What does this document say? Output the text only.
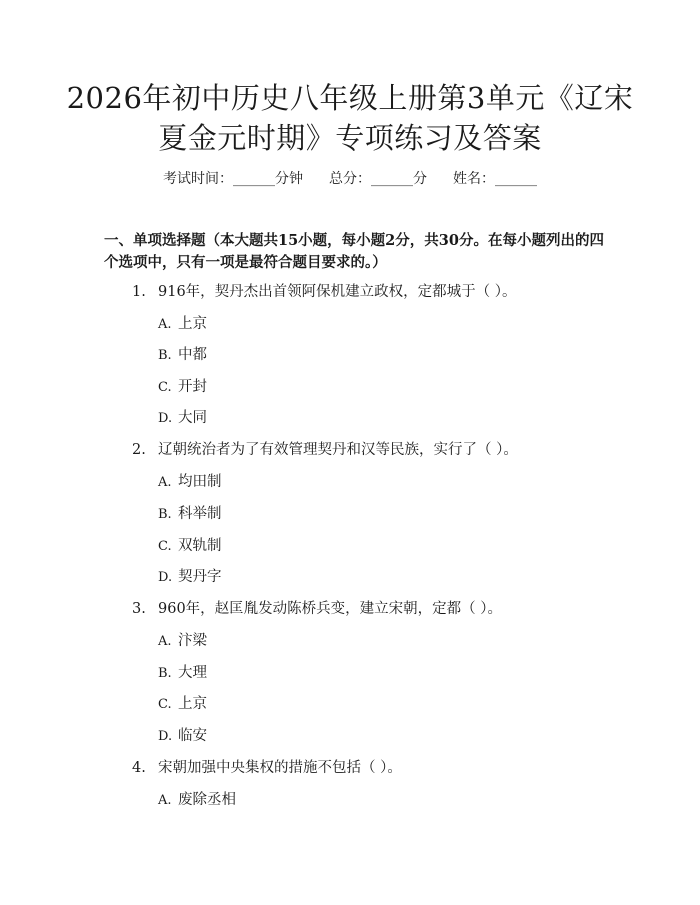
2026年初中历史八年级上册第3单元《辽宋
夏金元时期》专项练习及答案
考试时间：______分钟 总分：______分 姓名：______
一、单项选择题（本大题共15小题，每小题2分，共30分。在每小题列出的四
个选项中，只有一项是最符合题目要求的。）
1. 916年，契丹杰出首领阿保机建立政权，定都城于（ ）。
A. 上京
B. 中都
C. 开封
D. 大同
2. 辽朝统治者为了有效管理契丹和汉等民族，实行了（ ）。
A. 均田制
B. 科举制
C. 双轨制
D. 契丹字
3. 960年，赵匡胤发动陈桥兵变，建立宋朝，定都（ ）。
A. 汴梁
B. 大理
C. 上京
D. 临安
4. 宋朝加强中央集权的措施不包括（ ）。
A. 废除丞相
